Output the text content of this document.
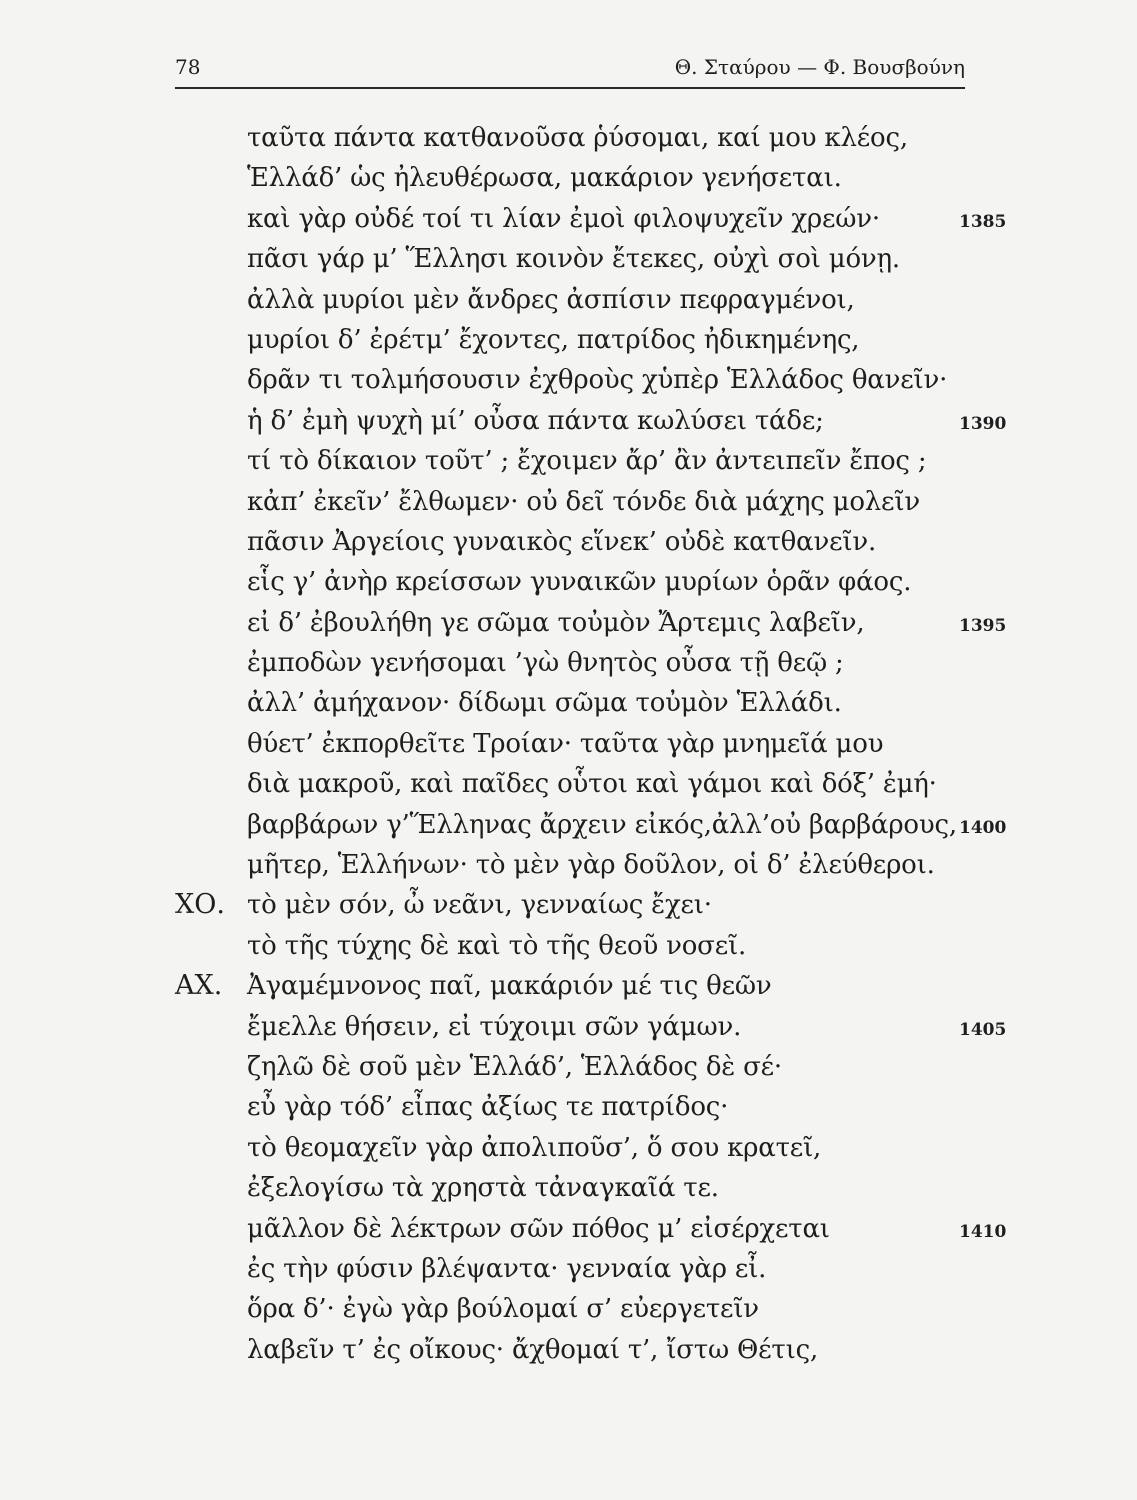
78	Θ. Σταύρου — Φ. Βουσβούνη
ταῦτα πάντα κατθανοῦσα ῥύσομαι, καί μου κλέος,
Ἑλλάδ’ ὡς ἠλευθέρωσα, μακάριον γενήσεται.
καὶ γὰρ οὐδέ τοί τι λίαν ἐμοὶ φιλοψυχεῖν χρεών·	1385
πᾶσι γάρ μ’ Ἕλλησι κοινὸν ἔτεκες, οὐχὶ σοὶ μόνῃ.
ἀλλὰ μυρίοι μὲν ἄνδρες ἀσπίσιν πεφραγμένοι,
μυρίοι δ’ ἐρέτμ’ ἔχοντες, πατρίδος ἠδικημένης,
δρᾶν τι τολμήσουσιν ἐχθροὺς χὑπὲρ Ἑλλάδος θανεῖν·
ἡ δ’ ἐμὴ ψυχὴ μί’ οὖσα πάντα κωλύσει τάδε;	1390
τί τὸ δίκαιον τοῦτ’ ; ἔχοιμεν ἄρ’ ἂν ἀντειπεῖν ἔπος ;
κἀπ’ ἐκεῖν’ ἔλθωμεν· οὐ δεῖ τόνδε διὰ μάχης μολεῖν
πᾶσιν Ἀργείοις γυναικὸς εἵνεκ’ οὐδὲ κατθανεῖν.
εἷς γ’ ἀνὴρ κρείσσων γυναικῶν μυρίων ὁρᾶν φάος.
εἰ δ’ ἐβουλήθη γε σῶμα τοὐμὸν Ἄρτεμις λαβεῖν,	1395
ἐμποδὼν γενήσομαι ’γὼ θνητὸς οὖσα τῇ θεῷ ;
ἀλλ’ ἀμήχανον· δίδωμι σῶμα τοὐμὸν Ἑλλάδι.
θύετ’ ἐκπορθεῖτε Τροίαν· ταῦτα γὰρ μνημεῖά μου
διὰ μακροῦ, καὶ παῖδες οὗτοι καὶ γάμοι καὶ δόξ’ ἐμή·
βαρβάρων γ’Ἕλληνας ἄρχειν εἰκός,ἀλλ’οὐ βαρβάρους, 1400
μῆτερ, Ἑλλήνων· τὸ μὲν γὰρ δοῦλον, οἱ δ’ ἐλεύθεροι.
ΧΟ. τὸ μὲν σόν, ὦ νεᾶνι, γενναίως ἔχει·
τὸ τῆς τύχης δὲ καὶ τὸ τῆς θεοῦ νοσεῖ.
ΑΧ. Ἀγαμέμνονος παῖ, μακάριόν μέ τις θεῶν
ἔμελλε θήσειν, εἰ τύχοιμι σῶν γάμων.	1405
ζηλῶ δὲ σοῦ μὲν Ἑλλάδ’, Ἑλλάδος δὲ σέ·
εὖ γὰρ τόδ’ εἶπας ἀξίως τε πατρίδος·
τὸ θεομαχεῖν γὰρ ἀπολιποῦσ’, ὅ σου κρατεῖ,
ἐξελογίσω τὰ χρηστὰ τἀναγκαῖά τε.
μᾶλλον δὲ λέκτρων σῶν πόθος μ’ εἰσέρχεται	1410
ἐς τὴν φύσιν βλέψαντα· γενναία γὰρ εἶ.
ὅρα δ’· ἐγὼ γὰρ βούλομαί σ’ εὐεργετεῖν
λαβεῖν τ’ ἐς οἴκους· ἄχθομαί τ’, ἴστω Θέτις,
